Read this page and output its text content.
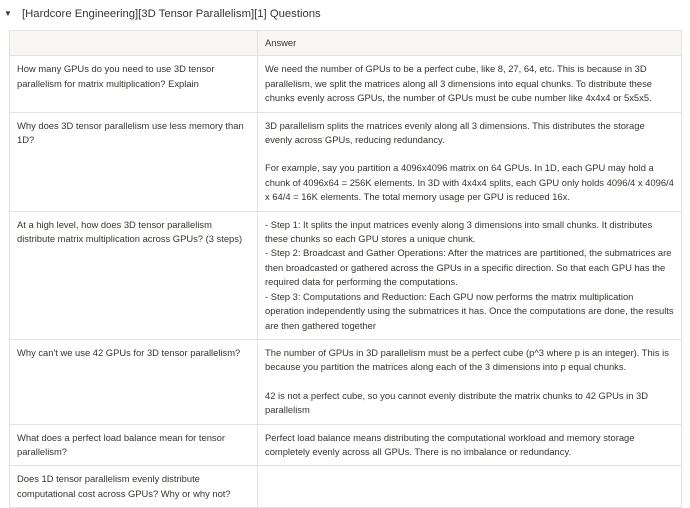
▼ [Hardcore Engineering][3D Tensor Parallelism][1] Questions
	Answer
How many GPUs do you need to use 3D tensor parallelism for matrix multiplication? Explain	We need the number of GPUs to be a perfect cube, like 8, 27, 64, etc. This is because in 3D parallelism, we split the matrices along all 3 dimensions into equal chunks. To distribute these chunks evenly across GPUs, the number of GPUs must be cube number like 4x4x4 or 5x5x5.

Why does 3D tensor parallelism use less memory than 1D?	3D parallelism splits the matrices evenly along all 3 dimensions. This distributes the storage evenly across GPUs, reducing redundancy.
For example, say you partition a 4096x4096 matrix on 64 GPUs. In 1D, each GPU may hold a chunk of 4096x64 = 256K elements. In 3D with 4x4x4 splits, each GPU only holds 4096/4 x 4096/4 x 64/4 = 16K elements. The total memory usage per GPU is reduced 16x.

At a high level, how does 3D tensor parallelism distribute matrix multiplication across GPUs? (3 steps)	- Step 1: It splits the input matrices evenly along 3 dimensions into small chunks. It distributes these chunks so each GPU stores a unique chunk.
- Step 2: Broadcast and Gather Operations: After the matrices are partitioned, the submatrices are then broadcasted or gathered across the GPUs in a specific direction. So that each GPU has the required data for performing the computations.
- Step 3: Computations and Reduction: Each GPU now performs the matrix multiplication operation independently using the submatrices it has. Once the computations are done, the results are then gathered together

Why can't we use 42 GPUs for 3D tensor parallelism?	The number of GPUs in 3D parallelism must be a perfect cube (p^3 where p is an integer). This is because you partition the matrices along each of the 3 dimensions into p equal chunks.
42 is not a perfect cube, so you cannot evenly distribute the matrix chunks to 42 GPUs in 3D parallelism

What does a perfect load balance mean for tensor parallelism?	Perfect load balance means distributing the computational workload and memory storage completely evenly across all GPUs. There is no imbalance or redundancy.

Does 1D tensor parallelism evenly distribute computational cost across GPUs? Why or why not?	
